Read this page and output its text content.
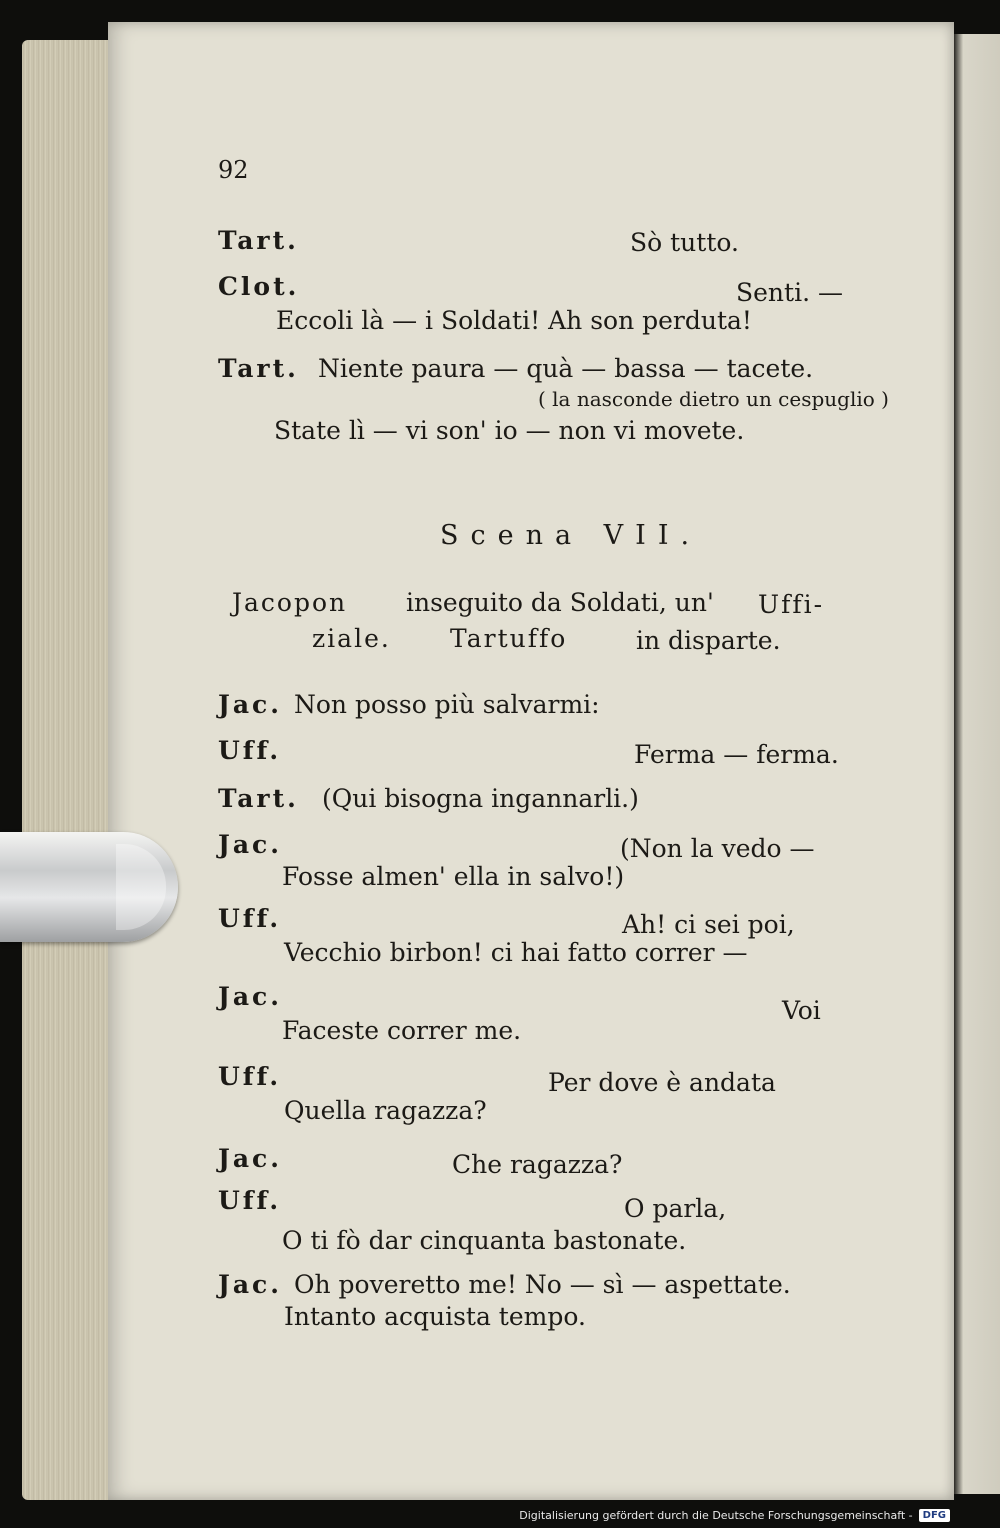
92
Tart.	Sò tutto.
Clot.	Senti. —
Eccoli là — i Soldati! Ah son perduta!
Tart. Niente paura — quà — bassa — tacete.
( la nasconde dietro un cespuglio )
State lì — vi son' io — non vi movete.
Scena VII.
Jacopon inseguito da Soldati, un' Uffi-
ziale. Tartuffo	in disparte.
Jac. Non posso più salvarmi:
Uff.	Ferma — ferma.
Tart. (Qui bisogna ingannarli.)
Jac.	(Non la vedo —
Fosse almen' ella in salvo!)
Uff.	Ah! ci sei poi,
Vecchio birbon! ci hai fatto correr —
Jac.	Voi
Faceste correr me.
Uff.	Per dove è andata
Quella ragazza?
Jac.	Che ragazza?
Uff.	O parla,
O ti fò dar cinquanta bastonate.
Jac. Oh poveretto me! No — sì — aspettate.
Intanto acquista tempo.
Digitalisierung gefördert durch die Deutsche Forschungsgemeinschaft -	DFG
